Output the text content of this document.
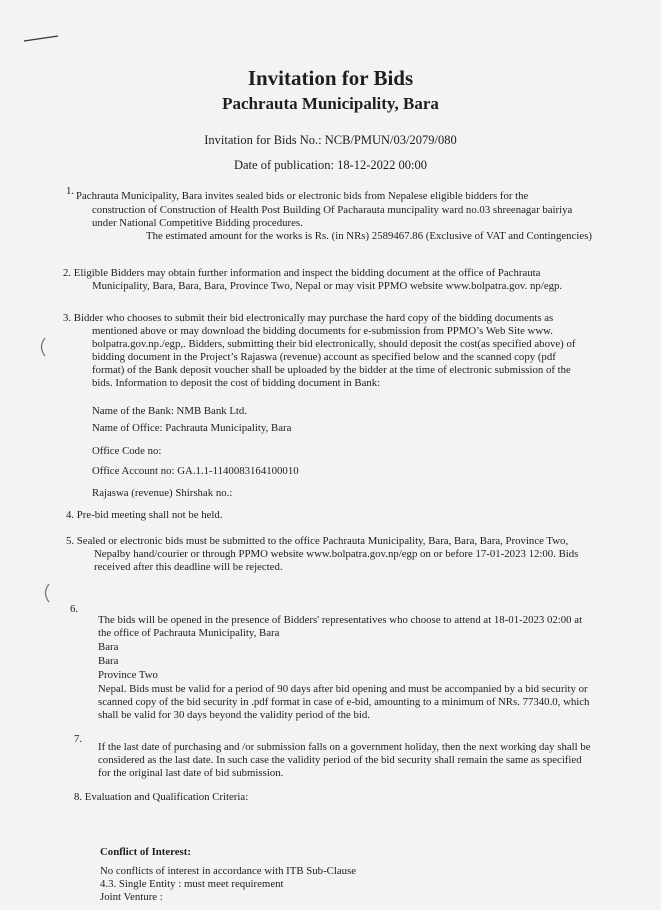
Invitation for Bids
Pachrauta Municipality, Bara
Invitation for Bids No.: NCB/PMUN/03/2079/080
Date of publication: 18-12-2022 00:00
1. Pachrauta Municipality, Bara invites sealed bids or electronic bids from Nepalese eligible bidders for the
construction of Construction of Health Post Building Of Pacharauta muncipality ward no.03 shreenagar bairiya
under National Competitive Bidding procedures.
The estimated amount for the works is Rs. (in NRs) 2589467.86 (Exclusive of VAT and Contingencies)
2. Eligible Bidders may obtain further information and inspect the bidding document at the office of Pachrauta
Municipality, Bara, Bara, Bara, Province Two, Nepal or may visit PPMO website www.bolpatra.gov. np/egp.
3. Bidder who chooses to submit their bid electronically may purchase the hard copy of the bidding documents as
mentioned above or may download the bidding documents for e-submission from PPMO’s Web Site www.
bolpatra.gov.np./egp,. Bidders, submitting their bid electronically, should deposit the cost(as specified above) of
bidding document in the Project’s Rajaswa (revenue) account as specified below and the scanned copy (pdf
format) of the Bank deposit voucher shall be uploaded by the bidder at the time of electronic submission of the
bids. Information to deposit the cost of bidding document in Bank:
Name of the Bank: NMB Bank Ltd.
Name of Office: Pachrauta Municipality, Bara
Office Code no:
Office Account no: GA.1.1-1140083164100010
Rajaswa (revenue) Shirshak no.:
4. Pre-bid meeting shall not be held.
5. Sealed or electronic bids must be submitted to the office Pachrauta Municipality, Bara, Bara, Bara, Province Two,
Nepalby hand/courier or through PPMO website www.bolpatra.gov.np/egp on or before 17-01-2023 12:00. Bids
received after this deadline will be rejected.
6.
The bids will be opened in the presence of Bidders' representatives who choose to attend at 18-01-2023 02:00 at
the office of Pachrauta Municipality, Bara
Bara
Bara
Province Two
Nepal. Bids must be valid for a period of 90 days after bid opening and must be accompanied by a bid security or
scanned copy of the bid security in .pdf format in case of e-bid, amounting to a minimum of NRs. 77340.0, which
shall be valid for 30 days beyond the validity period of the bid.
7.
If the last date of purchasing and /or submission falls on a government holiday, then the next working day shall be
considered as the last date. In such case the validity period of the bid security shall remain the same as specified
for the original last date of bid submission.
8. Evaluation and Qualification Criteria:
Conflict of Interest:
No conflicts of interest in accordance with ITB Sub-Clause
4.3. Single Entity : must meet requirement
Joint Venture :
